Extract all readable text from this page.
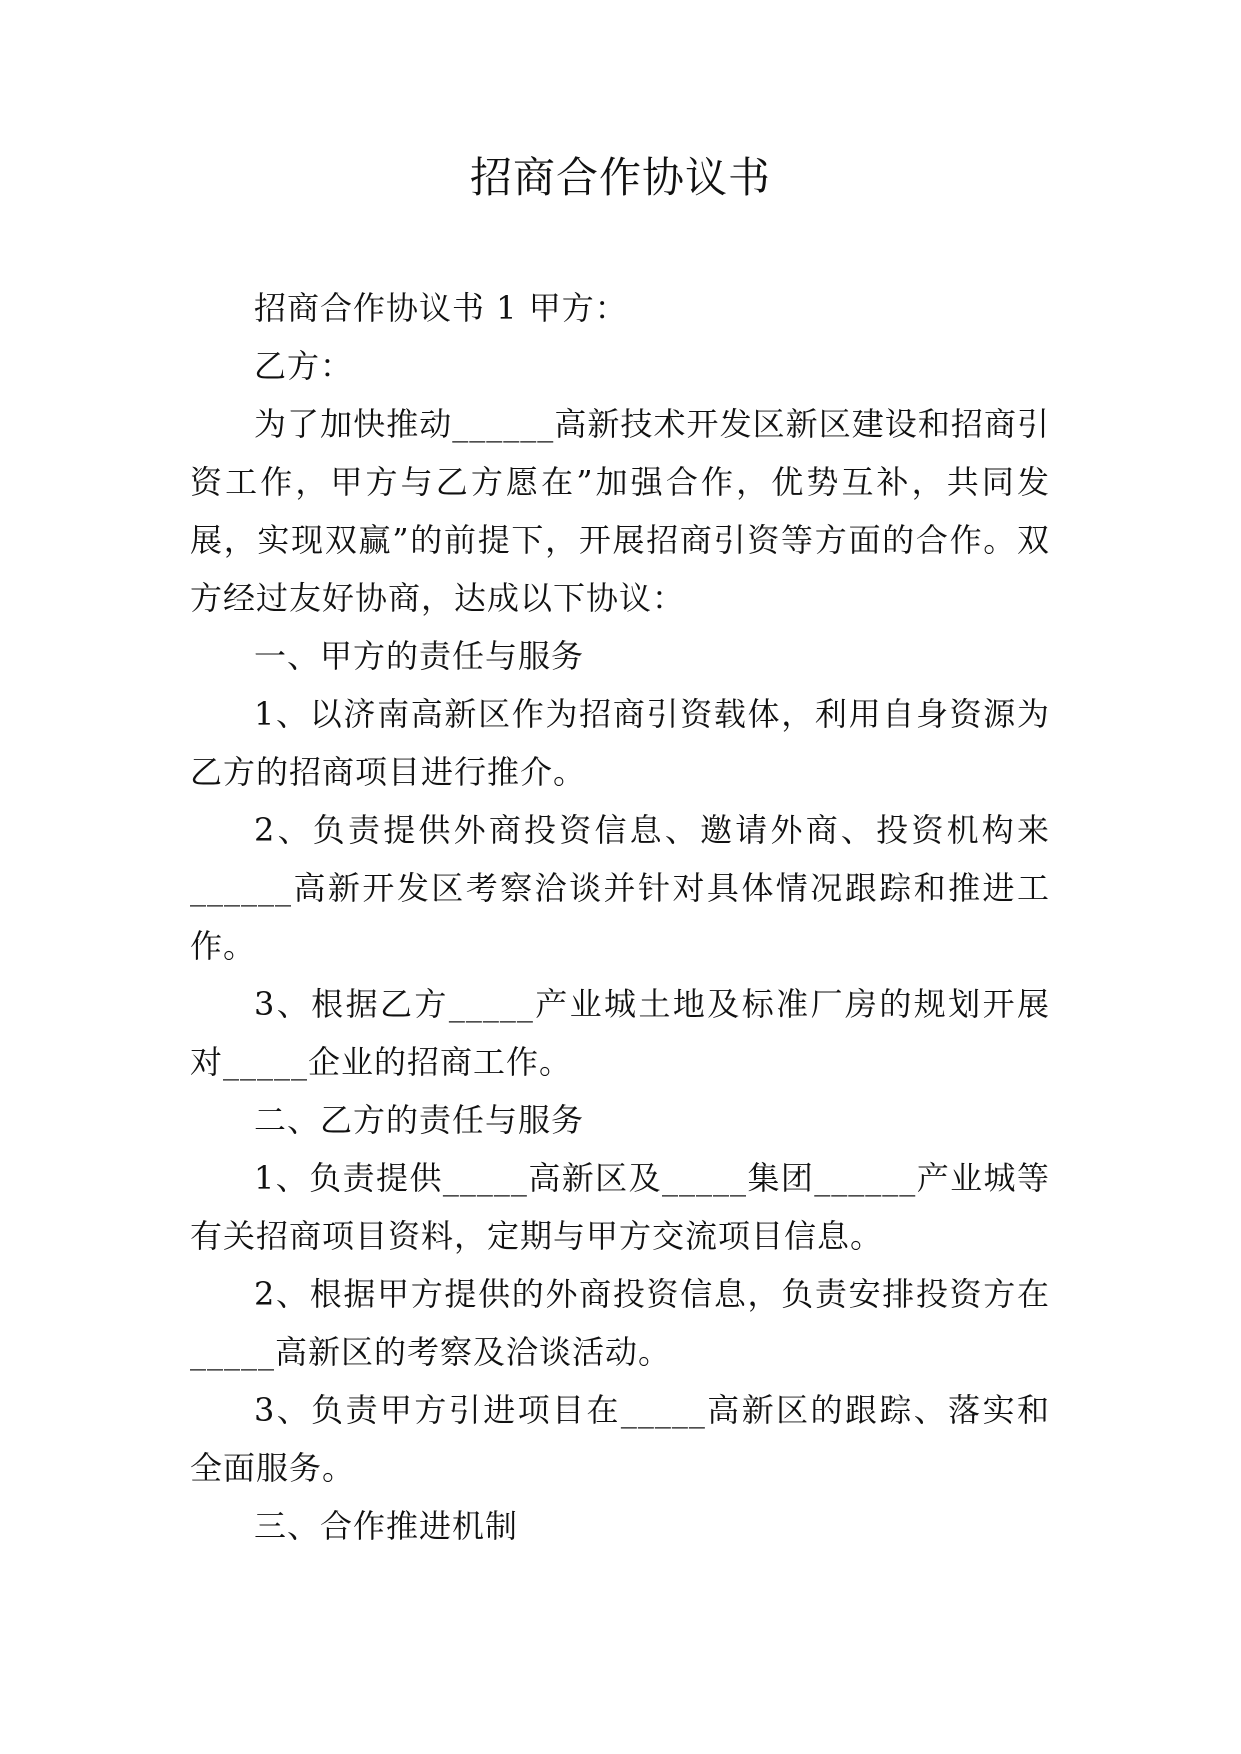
招商合作协议书

招商合作协议书 1 甲方：

乙方：

为了加快推动______高新技术开发区新区建设和招商引资工作，甲方与乙方愿在”加强合作，优势互补，共同发展，实现双赢”的前提下，开展招商引资等方面的合作。双方经过友好协商，达成以下协议：

一、甲方的责任与服务

1、以济南高新区作为招商引资载体，利用自身资源为乙方的招商项目进行推介。

2、负责提供外商投资信息、邀请外商、投资机构来______高新开发区考察洽谈并针对具体情况跟踪和推进工作。

3、根据乙方_____产业城土地及标准厂房的规划开展对_____企业的招商工作。

二、乙方的责任与服务

1、负责提供_____高新区及_____集团______产业城等有关招商项目资料，定期与甲方交流项目信息。

2、根据甲方提供的外商投资信息，负责安排投资方在_____高新区的考察及洽谈活动。

3、负责甲方引进项目在_____高新区的跟踪、落实和全面服务。

三、合作推进机制
